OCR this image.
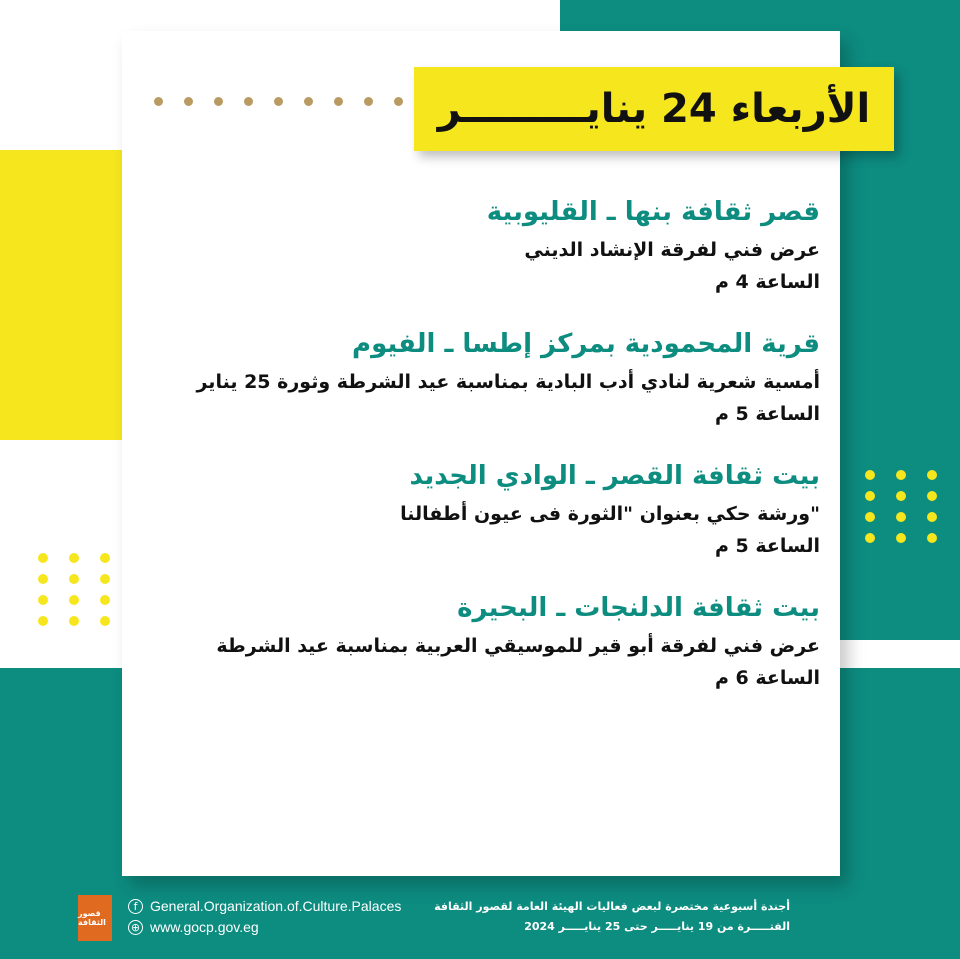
الأربعاء 24 ينايـــــــــر
قصر ثقافة بنها ـ القليوبية
عرض فني لفرقة الإنشاد الديني
الساعة 4 م
قرية المحمودية بمركز إطسا ـ الفيوم
أمسية شعرية لنادي أدب البادية بمناسبة عيد الشرطة وثورة 25 يناير
الساعة 5 م
بيت ثقافة القصر ـ الوادي الجديد
"ورشة حكي بعنوان "الثورة فى عيون أطفالنا
الساعة 5 م
بيت ثقافة الدلنجات ـ البحيرة
عرض فني لفرقة أبو قير للموسيقي العربية بمناسبة عيد الشرطة
الساعة 6 م
قصور الثقافة
f General.Organization.of.Culture.Palaces
⊕ www.gocp.gov.eg
أجندة أسبوعية مختصرة لبعض فعاليات الهيئة العامة لقصور الثقافة
الفتـــــرة من 19 ينايـــــر حتى 25 ينايـــــر 2024
